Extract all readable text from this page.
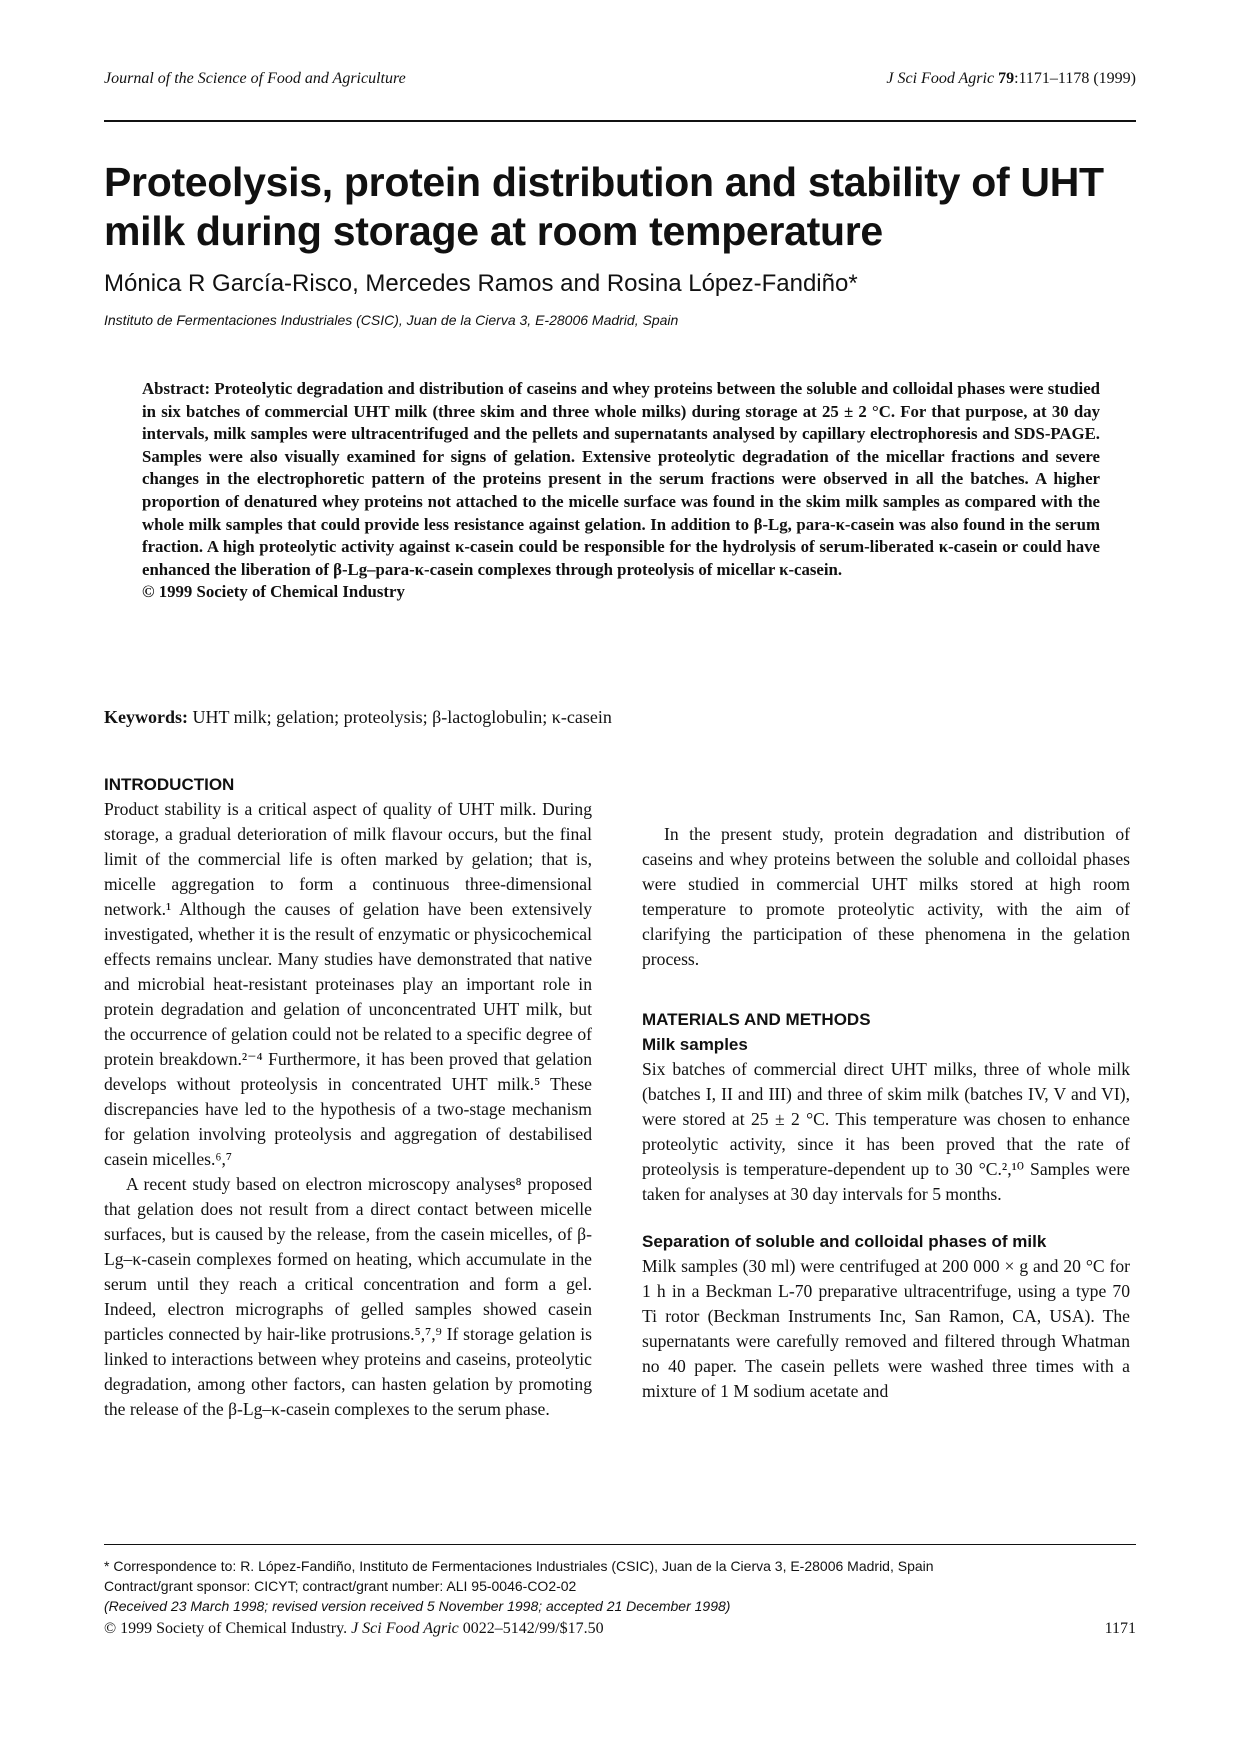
Journal of the Science of Food and Agriculture	J Sci Food Agric 79:1171–1178 (1999)
Proteolysis, protein distribution and stability of UHT milk during storage at room temperature
Mónica R García-Risco, Mercedes Ramos and Rosina López-Fandiño*
Instituto de Fermentaciones Industriales (CSIC), Juan de la Cierva 3, E-28006 Madrid, Spain

Abstract: Proteolytic degradation and distribution of caseins and whey proteins between the soluble and colloidal phases were studied in six batches of commercial UHT milk (three skim and three whole milks) during storage at 25 ± 2 °C. For that purpose, at 30 day intervals, milk samples were ultracentrifuged and the pellets and supernatants analysed by capillary electrophoresis and SDS-PAGE. Samples were also visually examined for signs of gelation. Extensive proteolytic degradation of the micellar fractions and severe changes in the electrophoretic pattern of the proteins present in the serum fractions were observed in all the batches. A higher proportion of denatured whey proteins not attached to the micelle surface was found in the skim milk samples as compared with the whole milk samples that could provide less resistance against gelation. In addition to β-Lg, para-κ-casein was also found in the serum fraction. A high proteolytic activity against κ-casein could be responsible for the hydrolysis of serum-liberated κ-casein or could have enhanced the liberation of β-Lg–para-κ-casein complexes through proteolysis of micellar κ-casein.
© 1999 Society of Chemical Industry

Keywords: UHT milk; gelation; proteolysis; β-lactoglobulin; κ-casein
INTRODUCTION

Product stability is a critical aspect of quality of UHT milk. During storage, a gradual deterioration of milk flavour occurs, but the final limit of the commercial life is often marked by gelation; that is, micelle aggregation to form a continuous three-dimensional network.¹ Although the causes of gelation have been extensively investigated, whether it is the result of enzymatic or physicochemical effects remains unclear. Many studies have demonstrated that native and microbial heat-resistant proteinases play an important role in protein degradation and gelation of unconcentrated UHT milk, but the occurrence of gelation could not be related to a specific degree of protein breakdown.²⁻⁴ Furthermore, it has been proved that gelation develops without proteolysis in concentrated UHT milk.⁵ These discrepancies have led to the hypothesis of a two-stage mechanism for gelation involving proteolysis and aggregation of destabilised casein micelles.⁶,⁷

A recent study based on electron microscopy analyses⁸ proposed that gelation does not result from a direct contact between micelle surfaces, but is caused by the release, from the casein micelles, of β-Lg–κ-casein complexes formed on heating, which accumulate in the serum until they reach a critical concentration and form a gel. Indeed, electron micrographs of gelled samples showed casein particles connected by hair-like protrusions.⁵,⁷,⁹ If storage gelation is linked to interactions between whey proteins and caseins, proteolytic degradation, among other factors, can hasten gelation by promoting the release of the β-Lg–κ-casein complexes to the serum phase.

In the present study, protein degradation and distribution of caseins and whey proteins between the soluble and colloidal phases were studied in commercial UHT milks stored at high room temperature to promote proteolytic activity, with the aim of clarifying the participation of these phenomena in the gelation process.

MATERIALS AND METHODS
Milk samples

Six batches of commercial direct UHT milks, three of whole milk (batches I, II and III) and three of skim milk (batches IV, V and VI), were stored at 25 ± 2 °C. This temperature was chosen to enhance proteolytic activity, since it has been proved that the rate of proteolysis is temperature-dependent up to 30 °C.²,¹⁰ Samples were taken for analyses at 30 day intervals for 5 months.

Separation of soluble and colloidal phases of milk

Milk samples (30 ml) were centrifuged at 200 000 × g and 20 °C for 1 h in a Beckman L-70 preparative ultracentrifuge, using a type 70 Ti rotor (Beckman Instruments Inc, San Ramon, CA, USA). The supernatants were carefully removed and filtered through Whatman no 40 paper. The casein pellets were washed three times with a mixture of 1 M sodium acetate and

* Correspondence to: R. López-Fandiño, Instituto de Fermentaciones Industriales (CSIC), Juan de la Cierva 3, E-28006 Madrid, Spain
Contract/grant sponsor: CICYT; contract/grant number: ALI 95-0046-CO2-02
(Received 23 March 1998; revised version received 5 November 1998; accepted 21 December 1998)
© 1999 Society of Chemical Industry. J Sci Food Agric 0022–5142/99/$17.50	1171
